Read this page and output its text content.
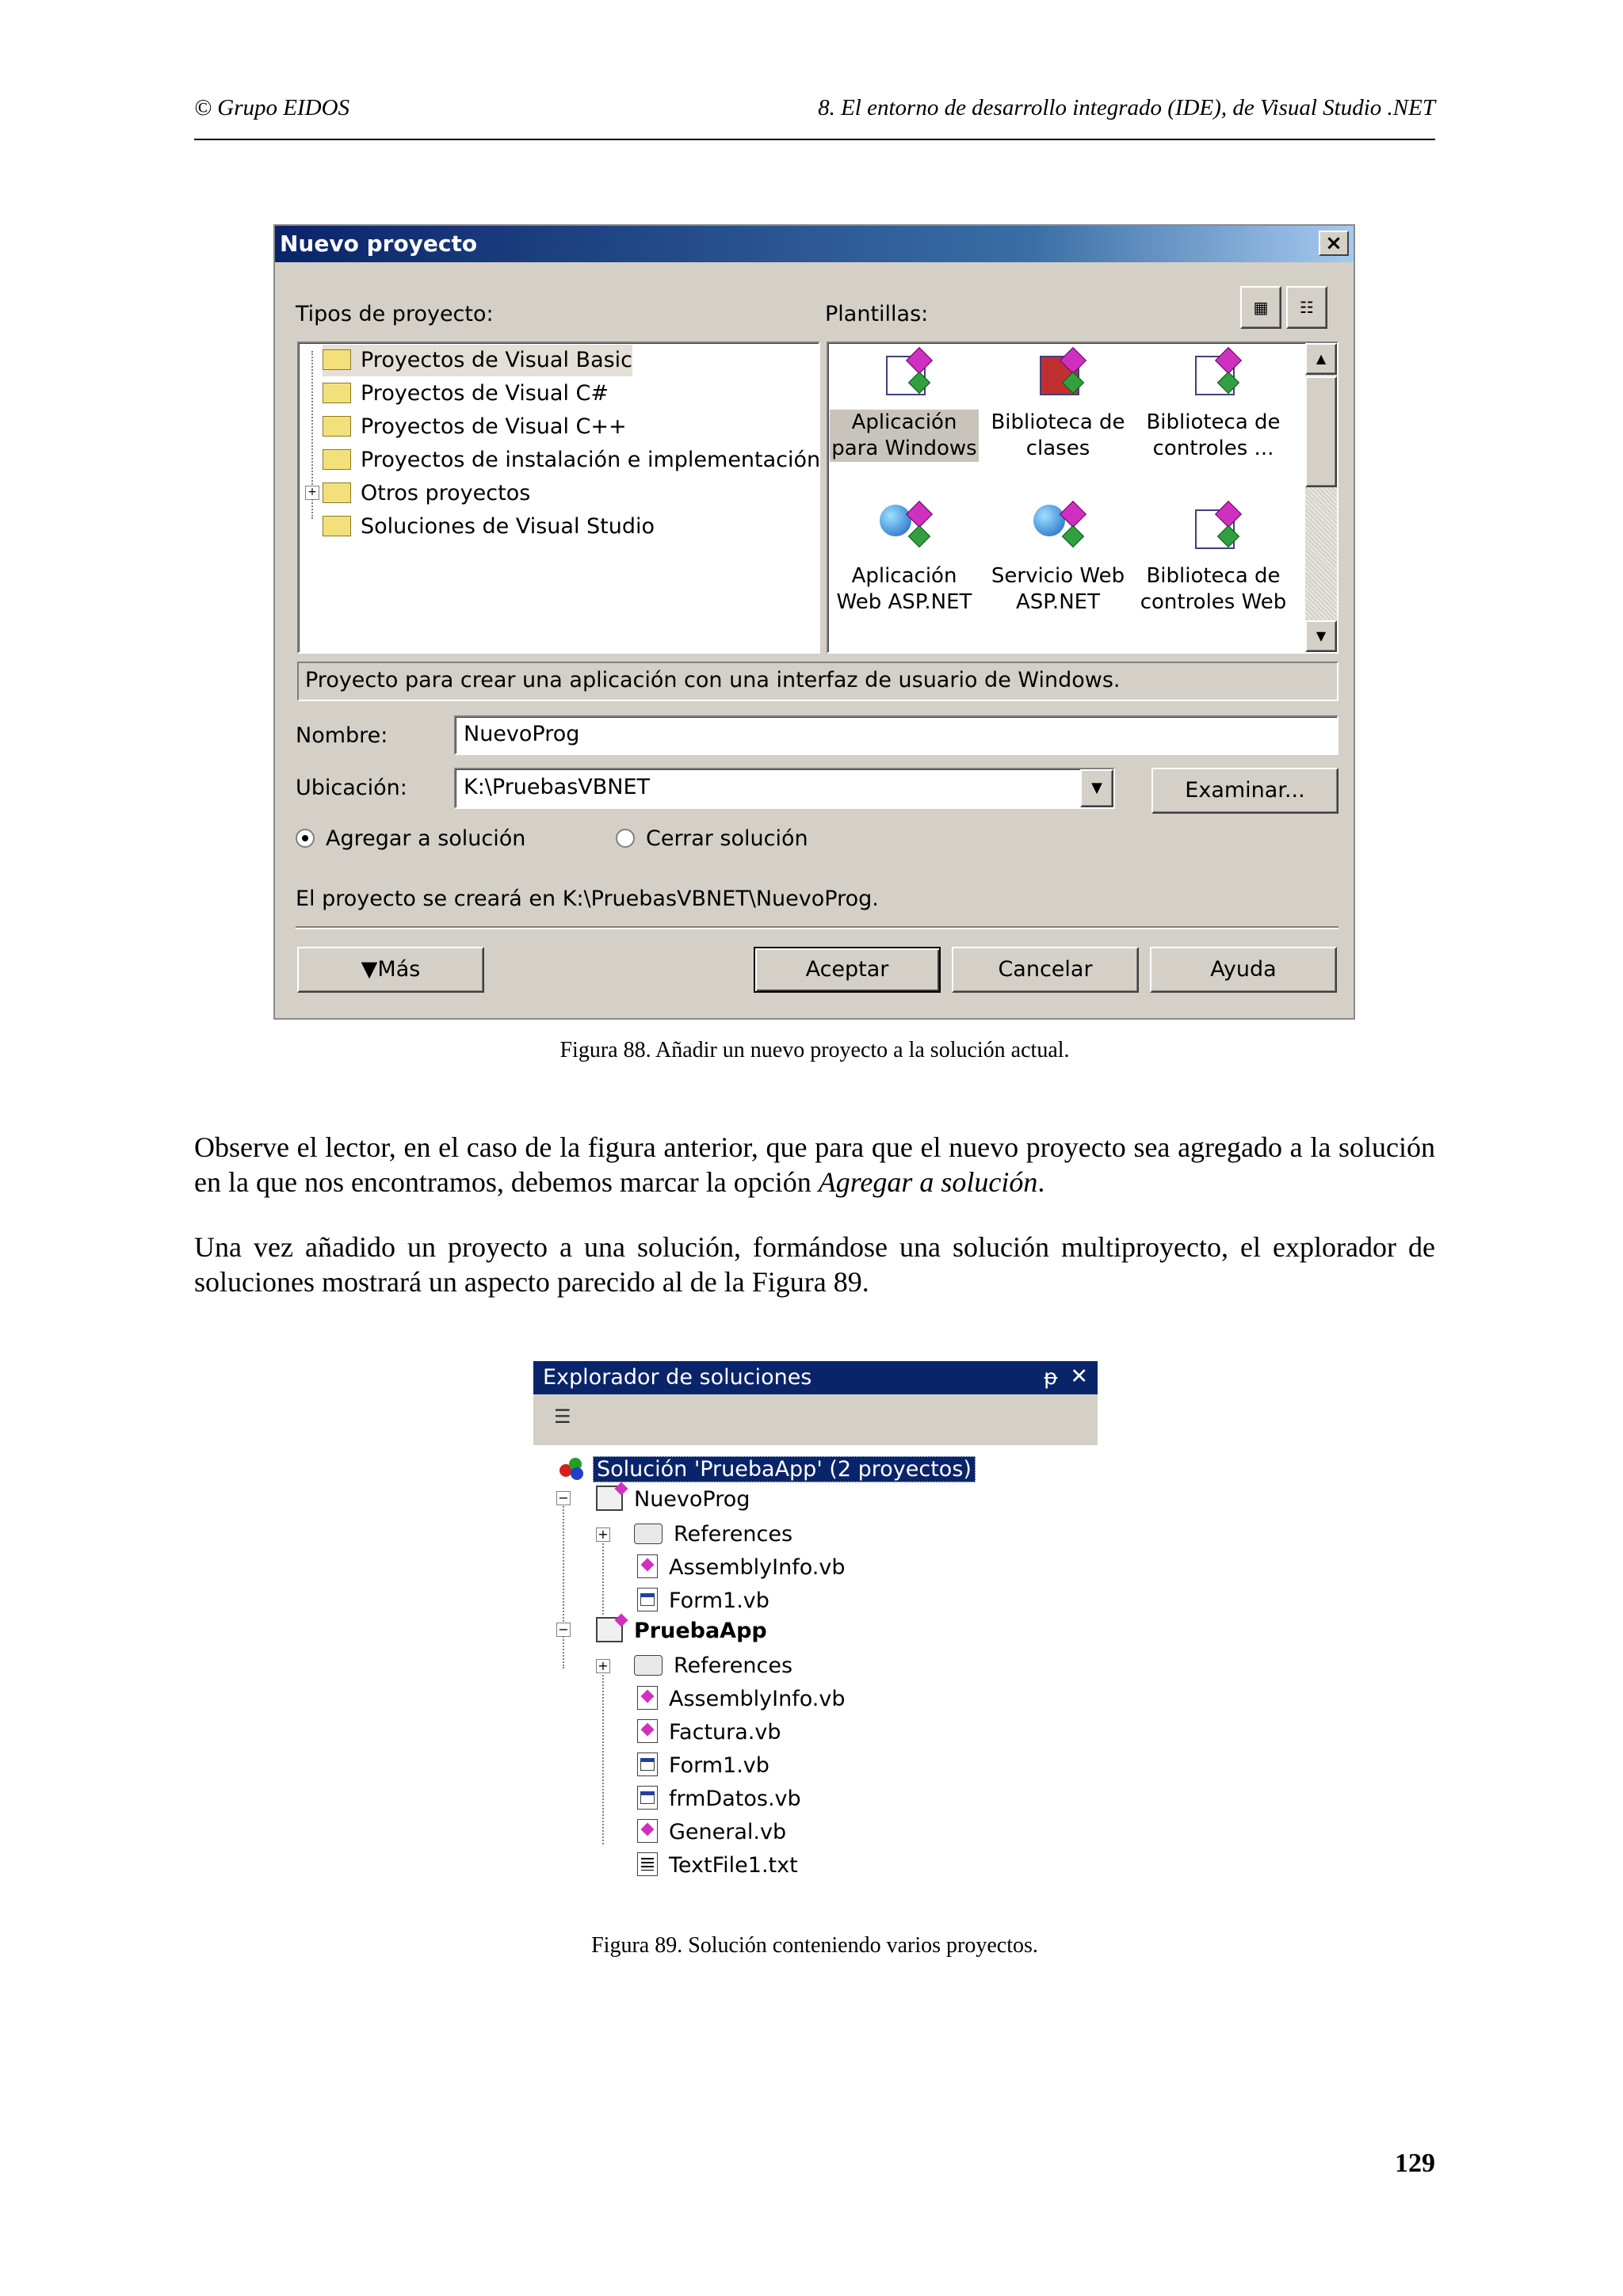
© Grupo EIDOS	8. El entorno de desarrollo integrado (IDE), de Visual Studio .NET
Nuevo proyecto	×
Tipos de proyecto:	Plantillas:	▦	☷
Proyectos de Visual Basic
Proyectos de Visual C#
Proyectos de Visual C++
Proyectos de instalación e implementación
+	Otros proyectos
Soluciones de Visual Studio
Aplicación
para Windows
Biblioteca de
clases
Biblioteca de
controles ...
Aplicación
Web ASP.NET
Servicio Web
ASP.NET
Biblioteca de
controles Web
▲
▼
Proyecto para crear una aplicación con una interfaz de usuario de Windows.
Nombre:	NuevoProg
Ubicación:	K:\PruebasVBNET	▼	Examinar...
Agregar a solución	Cerrar solución
El proyecto se creará en K:\PruebasVBNET\NuevoProg.
▼Más	Aceptar	Cancelar	Ayuda
Figura 88. Añadir un nuevo proyecto a la solución actual.
Observe el lector, en el caso de la figura anterior, que para que el nuevo proyecto sea agregado a la solución en la que nos encontramos, debemos marcar la opción Agregar a solución.
Una vez añadido un proyecto a una solución, formándose una solución multiproyecto, el explorador de soluciones mostrará un aspecto parecido al de la Figura 89.
Explorador de soluciones	ᵽ ✕
☰
Solución 'PruebaApp' (2 proyectos)
−	NuevoProg
+	References
AssemblyInfo.vb
Form1.vb
−	PruebaApp
+	References
AssemblyInfo.vb
Factura.vb
Form1.vb
frmDatos.vb
General.vb
TextFile1.txt
Figura 89. Solución conteniendo varios proyectos.
129
